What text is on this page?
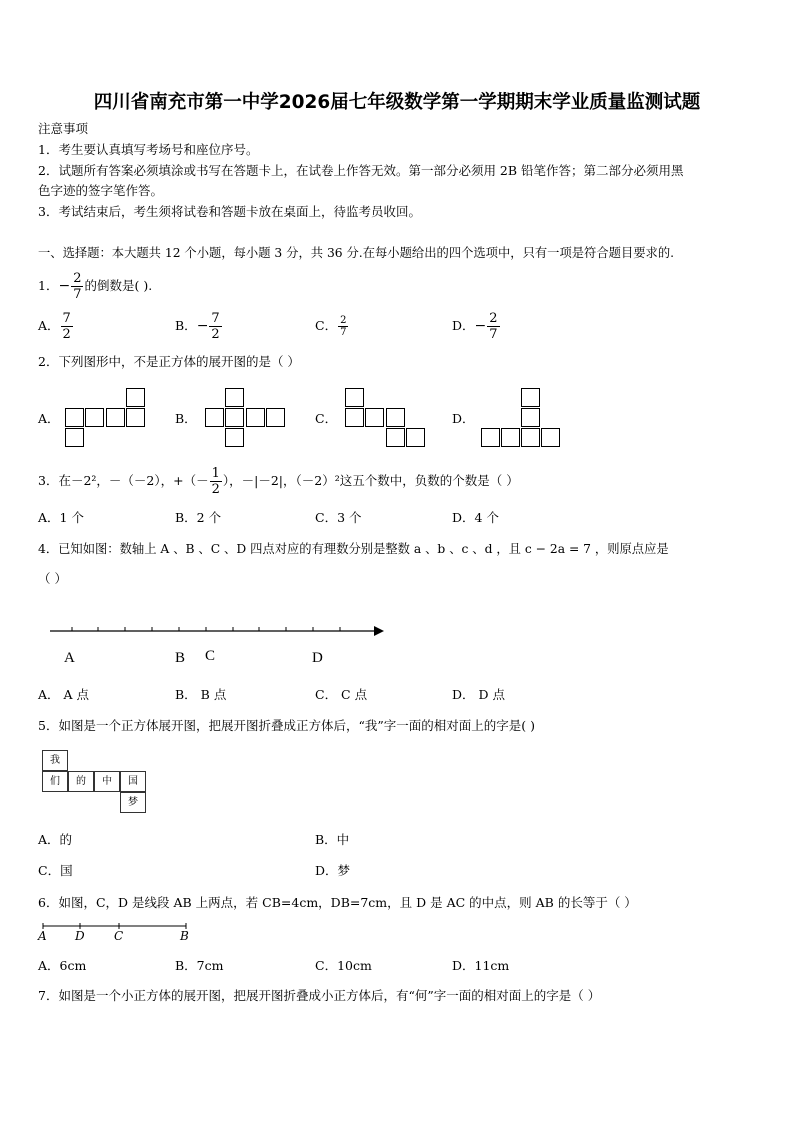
四川省南充市第一中学2026届七年级数学第一学期期末学业质量监测试题
注意事项
1．考生要认真填写考场号和座位序号。
2．试题所有答案必须填涂或书写在答题卡上，在试卷上作答无效。第一部分必须用 2B 铅笔作答；第二部分必须用黑
色字迹的签字笔作答。
3．考试结束后，考生须将试卷和答题卡放在桌面上，待监考员收回。
一、选择题：本大题共 12 个小题，每小题 3 分，共 36 分.在每小题给出的四个选项中，只有一项是符合题目要求的.
1． − $\frac{2}{7}$ 的倒数是( ).
A． $\frac{7}{2}$	B． − $\frac{7}{2}$	C． $\frac{2}{7}$	D． − $\frac{2}{7}$
2．下列图形中，不是正方体的展开图的是（ ）
A．	B．	C．	D．
3．在－2²，－（－2），+（－ $\frac{1}{2}$ ），－|－2|，（－2）²这五个数中，负数的个数是（ ）
A．1 个	B．2 个	C．3 个	D．4 个
4．已知如图：数轴上 A 、B 、C 、D 四点对应的有理数分别是整数 a 、b 、c 、d ，且 c − 2a = 7 ，则原点应是
（ ）
A	B C	D
A． A 点	B． B 点	C． C 点	D． D 点
5．如图是一个正方体展开图，把展开图折叠成正方体后，“我”字一面的相对面上的字是( )
我
们	的	中	国
梦
A．的	B．中
C．国	D．梦
6．如图，C，D 是线段 AB 上两点，若 CB=4cm，DB=7cm，且 D 是 AC 的中点，则 AB 的长等于（ ）
A D C	B
A．6cm	B．7cm	C．10cm	D．11cm
7．如图是一个小正方体的展开图，把展开图折叠成小正方体后，有“何”字一面的相对面上的字是（ ）
